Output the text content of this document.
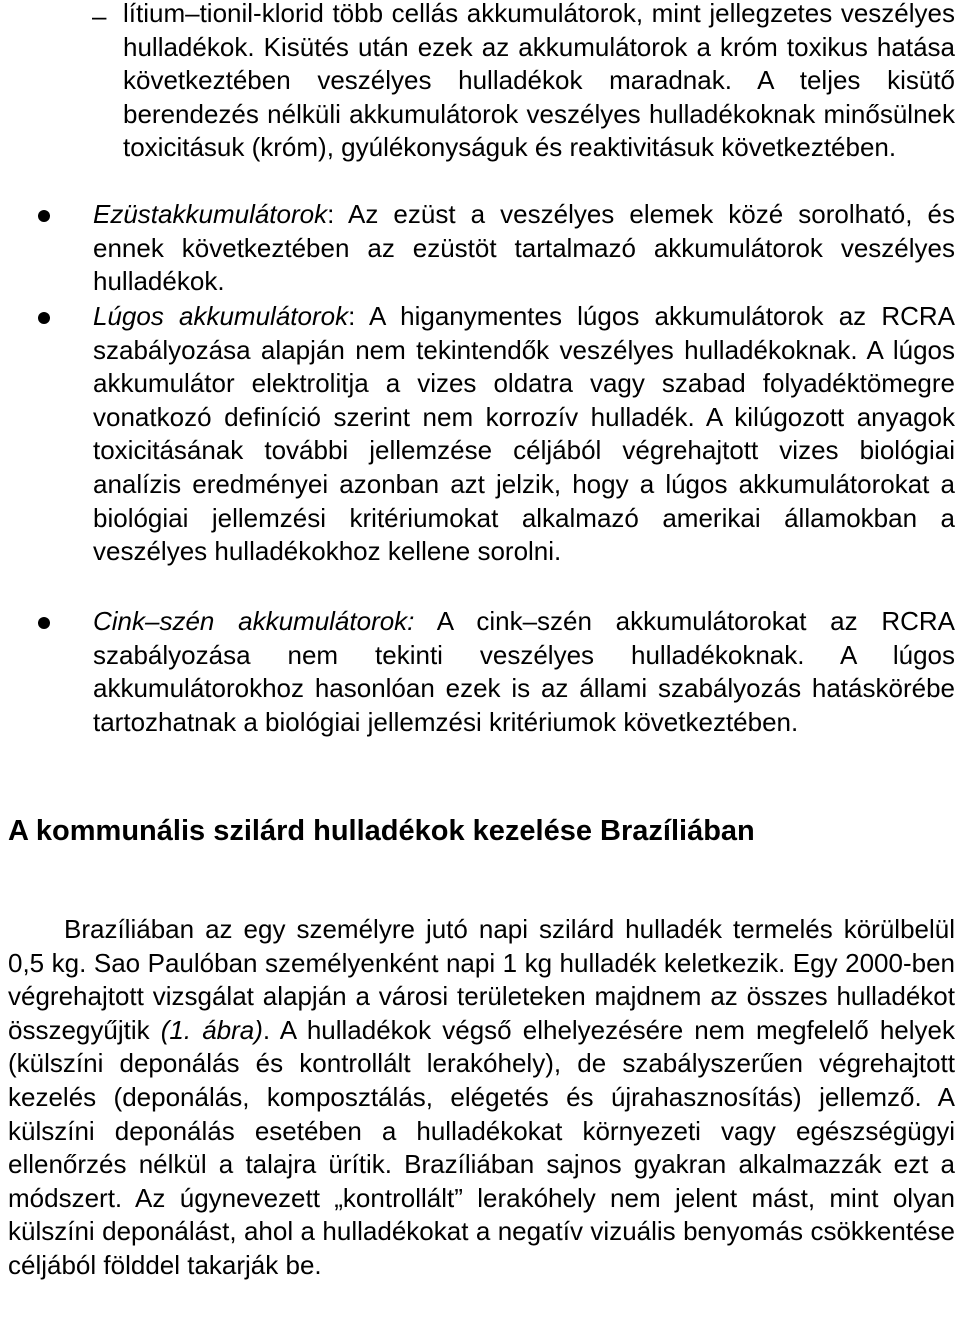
– lítium–tionil-klorid több cellás akkumulátorok, mint jellegzetes veszélyes hulladékok. Kisütés után ezek az akkumulátorok a króm toxikus hatása következtében veszélyes hulladékok maradnak. A teljes kisütő berendezés nélküli akkumulátorok veszélyes hulladékoknak minősülnek toxicitásuk (króm), gyúlékonyságuk és reaktivitásuk következtében.

Ezüstakkumulátorok: Az ezüst a veszélyes elemek közé sorolható, és ennek következtében az ezüstöt tartalmazó akkumulátorok veszélyes hulladékok.

Lúgos akkumulátorok: A higanymentes lúgos akkumulátorok az RCRA szabályozása alapján nem tekintendők veszélyes hulladékoknak. A lúgos akkumulátor elektrolitja a vizes oldatra vagy szabad folyadéktömegre vonatkozó definíció szerint nem korrozív hulladék. A kilúgozott anyagok toxicitásának további jellemzése céljából végrehajtott vizes biológiai analízis eredményei azonban azt jelzik, hogy a lúgos akkumulátorokat a biológiai jellemzési kritériumokat alkalmazó amerikai államokban a veszélyes hulladékokhoz kellene sorolni.

Cink–szén akkumulátorok: A cink–szén akkumulátorokat az RCRA szabályozása nem tekinti veszélyes hulladékoknak. A lúgos akkumulátorokhoz hasonlóan ezek is az állami szabályozás hatáskörébe tartozhatnak a biológiai jellemzési kritériumok következtében.

A kommunális szilárd hulladékok kezelése Brazíliában

Brazíliában az egy személyre jutó napi szilárd hulladék termelés körülbelül 0,5 kg. Sao Paulóban személyenként napi 1 kg hulladék keletkezik. Egy 2000-ben végrehajtott vizsgálat alapján a városi területeken majdnem az összes hulladékot összegyűjtik (1. ábra). A hulladékok végső elhelyezésére nem megfelelő helyek (külszíni deponálás és kontrollált lerakóhely), de szabályszerűen végrehajtott kezelés (deponálás, komposztálás, elégetés és újrahasznosítás) jellemző. A külszíni deponálás esetében a hulladékokat környezeti vagy egészségügyi ellenőrzés nélkül a talajra ürítik. Brazíliában sajnos gyakran alkalmazzák ezt a módszert. Az úgynevezett „kontrollált” lerakóhely nem jelent mást, mint olyan külszíni deponálást, ahol a hulladékokat a negatív vizuális benyomás csökkentése céljából földdel takarják be.
